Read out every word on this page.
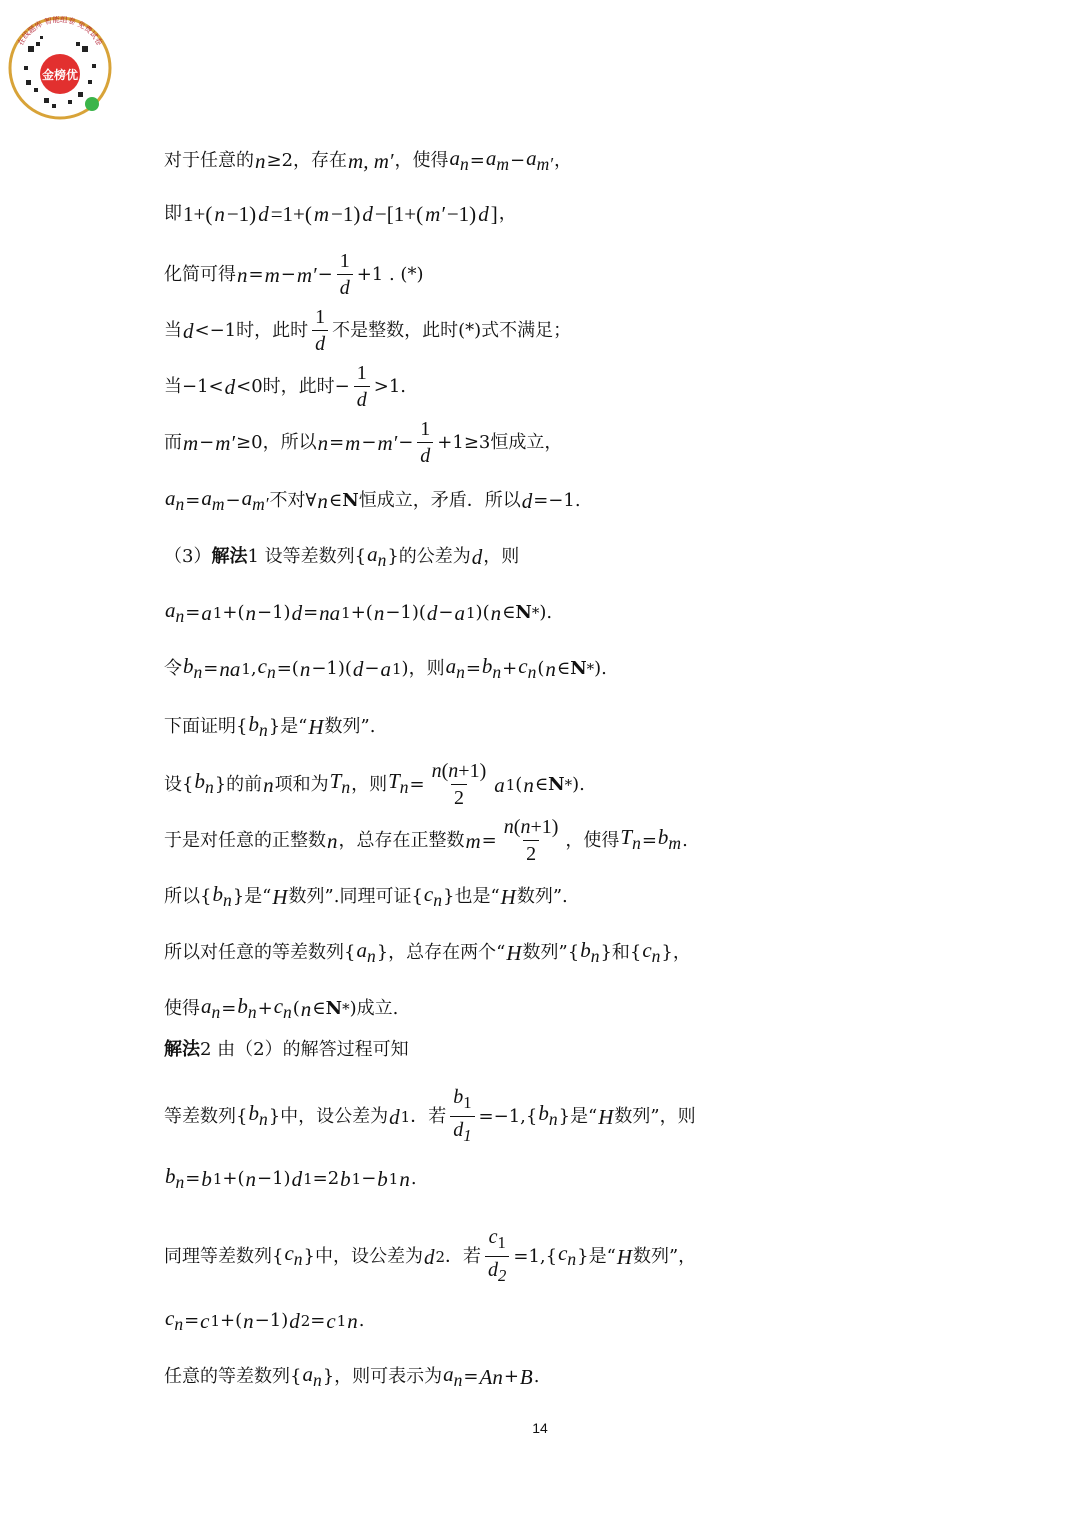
金榜优
在线题库 智能组卷 免费试卷
对于任意的 n ≥2，存在 m, m′ ，使得 $a_n = a_m - a_{m'}$ ，
即 1+( n −1) d =1+( m −1) d −[1+( m′ −1) d ] ，
化简可得 $n = m - m' - \frac{1}{d} +1$ . (*)
当 d <−1时，此时 $\frac{1}{d}$ 不是整数，此时(*)式不满足；
当−1< d <0时，此时− $\frac{1}{d} >1$.
而 m − m′ ≥0，所以 $n = m - m' - \frac{1}{d} +1\ge 3$恒成立，
$a_n = a_m - a_{m'}$ 不对∀ n ∈ N 恒成立，矛盾．所以 d =−1.
（3） 解法 1 设等差数列{ $a_n$ }的公差为 d ，则
$a_n = a$ 1 +( n −1) d = na 1 +( n −1)( d − a 1 )( n ∈ N * ).
令 $b_n$ = na 1 , $c_n$ =( n −1)( d − a 1 )，则 $a_n = b_n + c_n$ ( n ∈ N * ).
下面证明{ $b_n$ }是“ H 数列”.
设{ $b_n$ }的前 n 项和为 $T_n$ ，则 $T_n = \frac{n(n+1)}{2}$ a 1 ( n ∈ N * ).
于是对任意的正整数 n ，总存在正整数 $m = \frac{n(n+1)}{2}$ ，使得 $T_n = b_m$ .
所以{ $b_n$ }是“ H 数列”.同理可证{ $c_n$ }也是“ H 数列”.
所以对任意的等差数列{ $a_n$ }，总存在两个“ H 数列”{ $b_n$ }和{ $c_n$ }，
使得 $a_n = b_n + c_n$ ( n ∈ N * )成立.
解法 2 由（2）的解答过程可知
等差数列{ $b_n$ }中，设公差为 d 1 ．若 $\frac{b_1}{d_1} =-1$,{ $b_n$ }是“ H 数列”，则
$b_n = b$ 1 +( n −1) d 1 =2 b 1 − b 1 n .
同理等差数列{ $c_n$ }中，设公差为 d 2 ．若 $\frac{c_1}{d_2} =1$,{ $c_n$ }是“ H 数列”，
$c_n = c$ 1 +( n −1) d 2 = c 1 n .
任意的等差数列{ $a_n$ }，则可表示为 $a_n = An + B$ .
14
